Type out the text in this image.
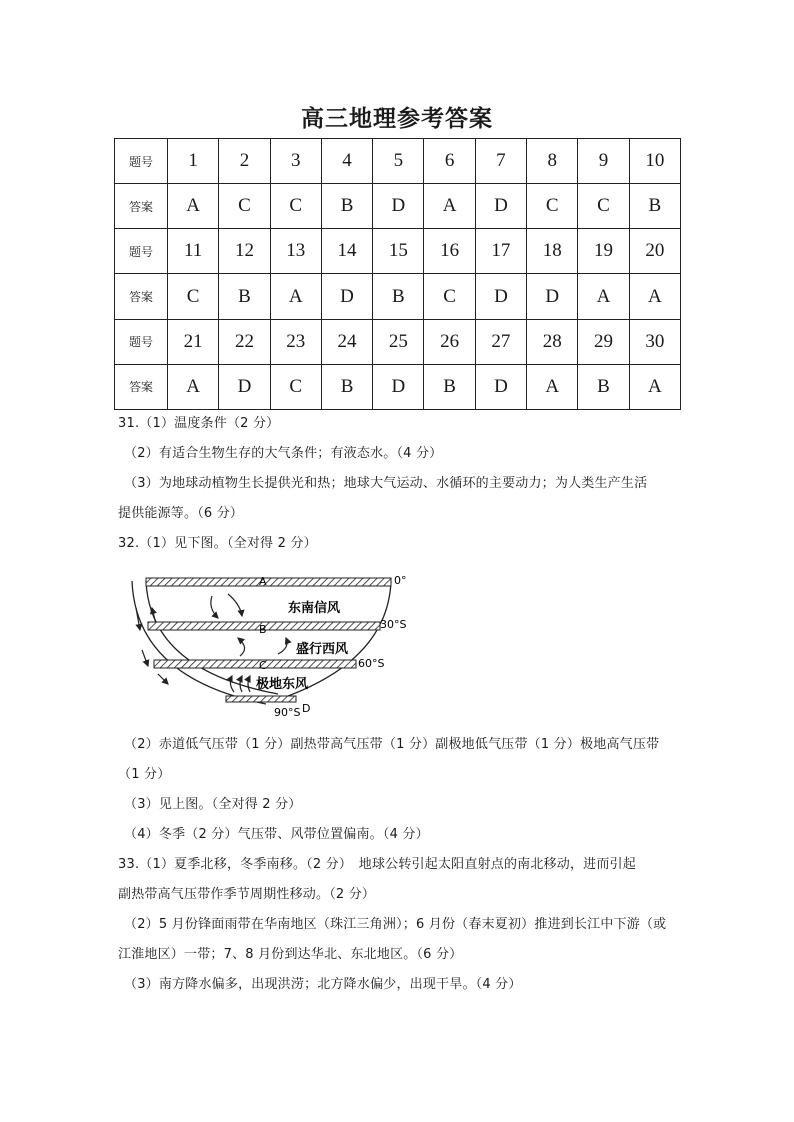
高三地理参考答案
题号	1	2	3	4	5	6	7	8	9	10
答案	A	C	C	B	D	A	D	C	C	B
题号	11	12	13	14	15	16	17	18	19	20
答案	C	B	A	D	B	C	D	D	A	A
题号	21	22	23	24	25	26	27	28	29	30
答案	A	D	C	B	D	B	D	A	B	A

31.（1）温度条件（2 分）

（2）有适合生物生存的大气条件；有液态水。（4 分）

（3）为地球动植物生长提供光和热；地球大气运动、水循环的主要动力；为人类生产生活

提供能源等。（6 分）

32.（1）见下图。（全对得 2 分）

A
B
C
D
0°
30°S
60°S
90°S
东南信风
盛行西风
极地东风

（2）赤道低气压带（1 分）副热带高气压带（1 分）副极地低气压带（1 分）极地高气压带

（1 分）

（3）见上图。（全对得 2 分）

（4）冬季（2 分）气压带、风带位置偏南。（4 分）

33.（1）夏季北移，冬季南移。（2 分）　地球公转引起太阳直射点的南北移动，进而引起

副热带高气压带作季节周期性移动。（2 分）

（2）5 月份锋面雨带在华南地区（珠江三角洲）；6 月份（春末夏初）推进到长江中下游（或

江淮地区）一带；7、8 月份到达华北、东北地区。（6 分）

（3）南方降水偏多，出现洪涝；北方降水偏少，出现干旱。（4 分）
